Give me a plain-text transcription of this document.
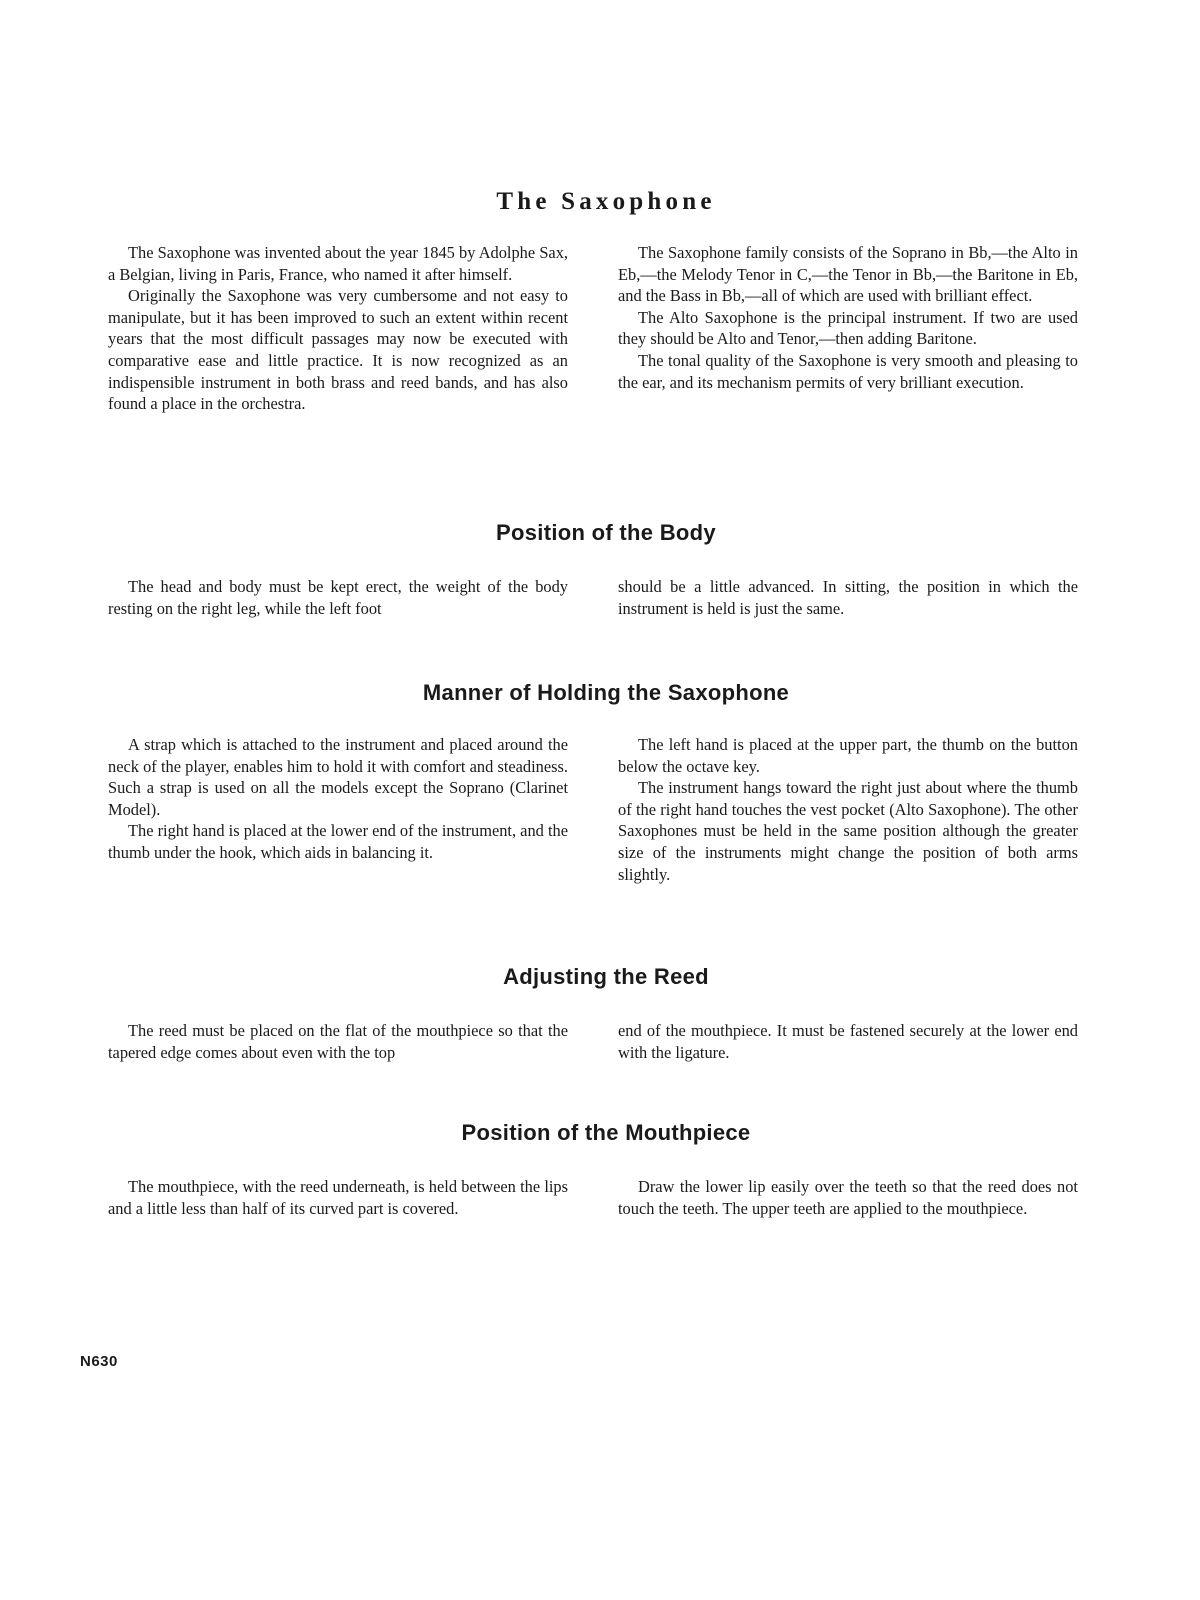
The Saxophone

The Saxophone was invented about the year 1845 by Adolphe Sax, a Belgian, living in Paris, France, who named it after himself.

Originally the Saxophone was very cumbersome and not easy to manipulate, but it has been improved to such an extent within recent years that the most difficult passages may now be executed with comparative ease and little practice. It is now recognized as an indispensible instrument in both brass and reed bands, and has also found a place in the orchestra.

The Saxophone family consists of the Soprano in Bb,—the Alto in Eb,—the Melody Tenor in C,—the Tenor in Bb,—the Baritone in Eb, and the Bass in Bb,—all of which are used with brilliant effect.

The Alto Saxophone is the principal instrument. If two are used they should be Alto and Tenor,—then adding Baritone.

The tonal quality of the Saxophone is very smooth and pleasing to the ear, and its mechanism permits of very brilliant execution.

Position of the Body

The head and body must be kept erect, the weight of the body resting on the right leg, while the left foot

should be a little advanced. In sitting, the position in which the instrument is held is just the same.

Manner of Holding the Saxophone

A strap which is attached to the instrument and placed around the neck of the player, enables him to hold it with comfort and steadiness. Such a strap is used on all the models except the Soprano (Clarinet Model).

The right hand is placed at the lower end of the instrument, and the thumb under the hook, which aids in balancing it.

The left hand is placed at the upper part, the thumb on the button below the octave key.

The instrument hangs toward the right just about where the thumb of the right hand touches the vest pocket (Alto Saxophone). The other Saxophones must be held in the same position although the greater size of the instruments might change the position of both arms slightly.

Adjusting the Reed

The reed must be placed on the flat of the mouthpiece so that the tapered edge comes about even with the top

end of the mouthpiece. It must be fastened securely at the lower end with the ligature.

Position of the Mouthpiece

The mouthpiece, with the reed underneath, is held between the lips and a little less than half of its curved part is covered.

Draw the lower lip easily over the teeth so that the reed does not touch the teeth. The upper teeth are applied to the mouthpiece.

N630
